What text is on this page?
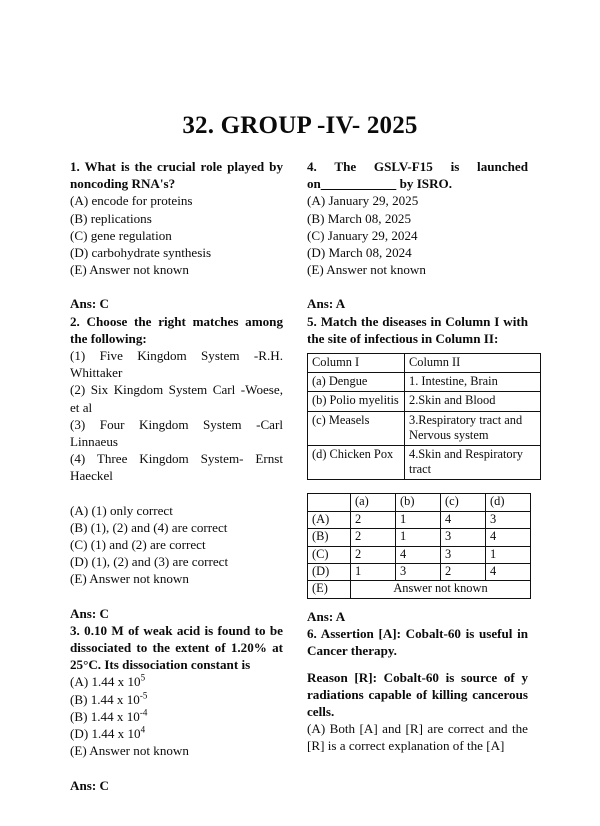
32. GROUP -IV- 2025
1. What is the crucial role played by noncoding RNA's?
(A) encode for proteins
(B) replications
(C) gene regulation
(D) carbohydrate synthesis
(E) Answer not known
Ans: C
2. Choose the right matches among the following:
(1) Five Kingdom System -R.H. Whittaker
(2) Six Kingdom System Carl -Woese, et al
(3) Four Kingdom System -Carl Linnaeus
(4) Three Kingdom System- Ernst Haeckel
(A) (1) only correct
(B) (1), (2) and (4) are correct
(C) (1) and (2) are correct
(D) (1), (2) and (3) are correct
(E) Answer not known
Ans: C
3. 0.10 M of weak acid is found to be dissociated to the extent of 1.20% at 25°C. Its dissociation constant is
(A) 1.44 x $10^5$
(B) 1.44 x $10^{-5}$
(B) 1.44 x $10^{-4}$
(D) 1.44 x $10^4$
(E) Answer not known
Ans: C
4. The GSLV-F15 is launched on__________ by ISRO.
(A) January 29, 2025
(B) March 08, 2025
(C) January 29, 2024
(D) March 08, 2024
(E) Answer not known
Ans: A
5. Match the diseases in Column I with the site of infectious in Column II:
Column I	Column II
(a) Dengue	1. Intestine, Brain
(b) Polio myelitis	2.Skin and Blood
(c) Measels	3.Respiratory tract and Nervous system
(d) Chicken Pox	4.Skin and Respiratory tract
	(a)	(b)	(c)	(d)
(A)	2	1	4	3
(B)	2	1	3	4
(C)	2	4	3	1
(D)	1	3	2	4
(E)	Answer not known			
Ans: A
6. Assertion [A]: Cobalt-60 is useful in Cancer therapy.
Reason [R]: Cobalt-60 is source of y radiations capable of killing cancerous cells.
(A) Both [A] and [R] are correct and the [R] is a correct explanation of the [A]
